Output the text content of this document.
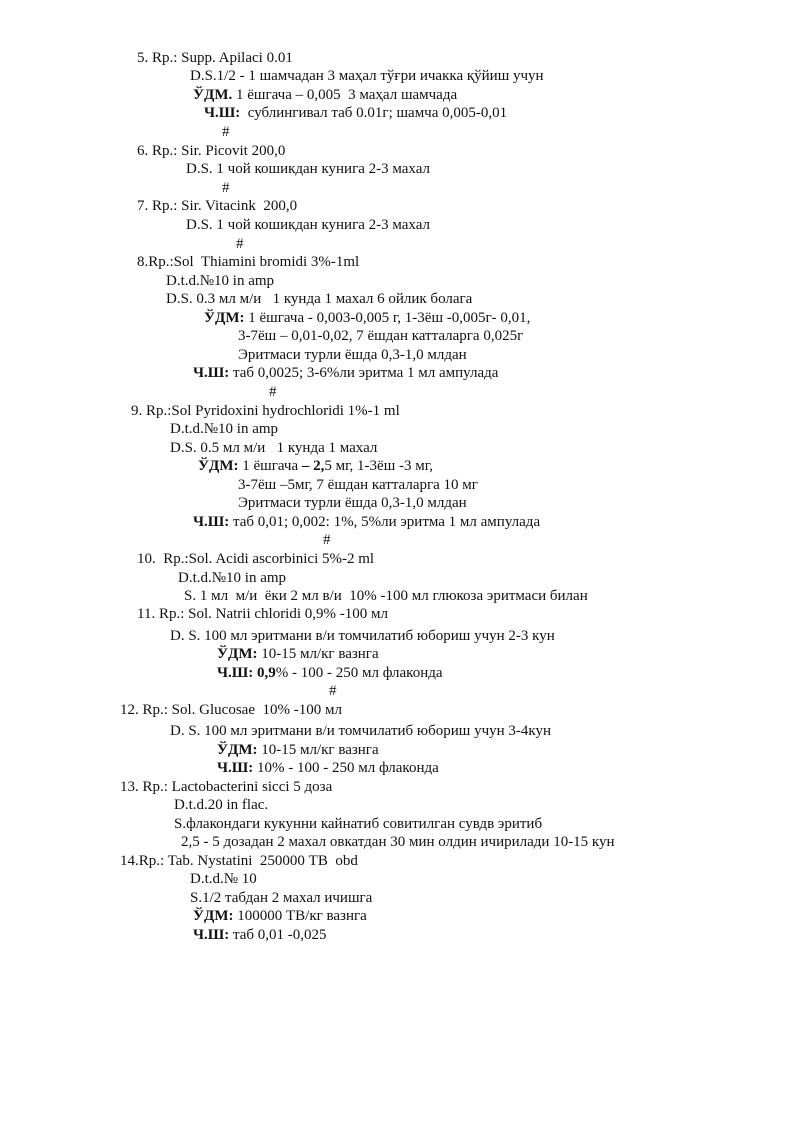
5. Rp.: Supp. Apilaci 0.01
D.S.1/2 - 1 шамчадан 3 маҳал тўғри ичакка қўйиш учун
ЎДМ. 1 ёшгача – 0,005  3 маҳал шамчада
Ч.Ш:  сублингивал таб 0.01г; шамча 0,005-0,01
#
6. Rp.: Sir. Picovit 200,0
D.S. 1 чой кошикдан кунига 2-3 махал
#
7. Rp.: Sir. Vitacink  200,0
D.S. 1 чой кошикдан кунига 2-3 махал
#
8.Rp.:Sol  Thiamini bromidi 3%-1ml
D.t.d.№10 in amp
D.S. 0.3 мл м/и   1 кунда 1 махал 6 ойлик болага
ЎДМ: 1 ёшгача - 0,003-0,005 г, 1-3ёш -0,005г- 0,01,
3-7ёш – 0,01-0,02, 7 ёшдан катталарга 0,025г
Эритмаси турли ёшда 0,3-1,0 млдан
Ч.Ш: таб 0,0025; 3-6%ли эритма 1 мл ампулада
#
9. Rp.:Sol Pyridoxini hydrochloridi 1%-1 ml
D.t.d.№10 in amp
D.S. 0.5 мл м/и   1 кунда 1 махал
ЎДМ: 1 ёшгача – 2,5 мг, 1-3ёш -3 мг,
3-7ёш –5мг, 7 ёшдан катталарга 10 мг
Эритмаси турли ёшда 0,3-1,0 млдан
Ч.Ш: таб 0,01; 0,002: 1%, 5%ли эритма 1 мл ампулада
#
10.  Rp.:Sol. Acidi ascorbinici 5%-2 ml
D.t.d.№10 in amp
S. 1 мл  м/и  ёки 2 мл в/и  10% -100 мл глюкоза эритмаси билан
11. Rp.: Sol. Natrii chloridi 0,9% -100 мл
D. S. 100 мл эритмани в/и томчилатиб юбориш учун 2-3 кун
ЎДМ: 10-15 мл/кг вазнга
Ч.Ш: 0,9% - 100 - 250 мл флаконда
#
12. Rp.: Sol. Glucosae  10% -100 мл
D. S. 100 мл эритмани в/и томчилатиб юбориш учун 3-4кун
ЎДМ: 10-15 мл/кг вазнга
Ч.Ш: 10% - 100 - 250 мл флаконда
13. Rp.: Lactobacterini sicci 5 доза
D.t.d.20 in flac.
S.флакондаги кукунни кайнатиб совитилган сувдв эритиб
2,5 - 5 дозадан 2 махал овкатдан 30 мин олдин ичирилади 10-15 кун
14.Rp.: Tab. Nystatini  250000 ТВ  obd
D.t.d.№ 10
S.1/2 табдан 2 махал ичишга
ЎДМ: 100000 ТВ/кг вазнга
Ч.Ш: таб 0,01 -0,025
